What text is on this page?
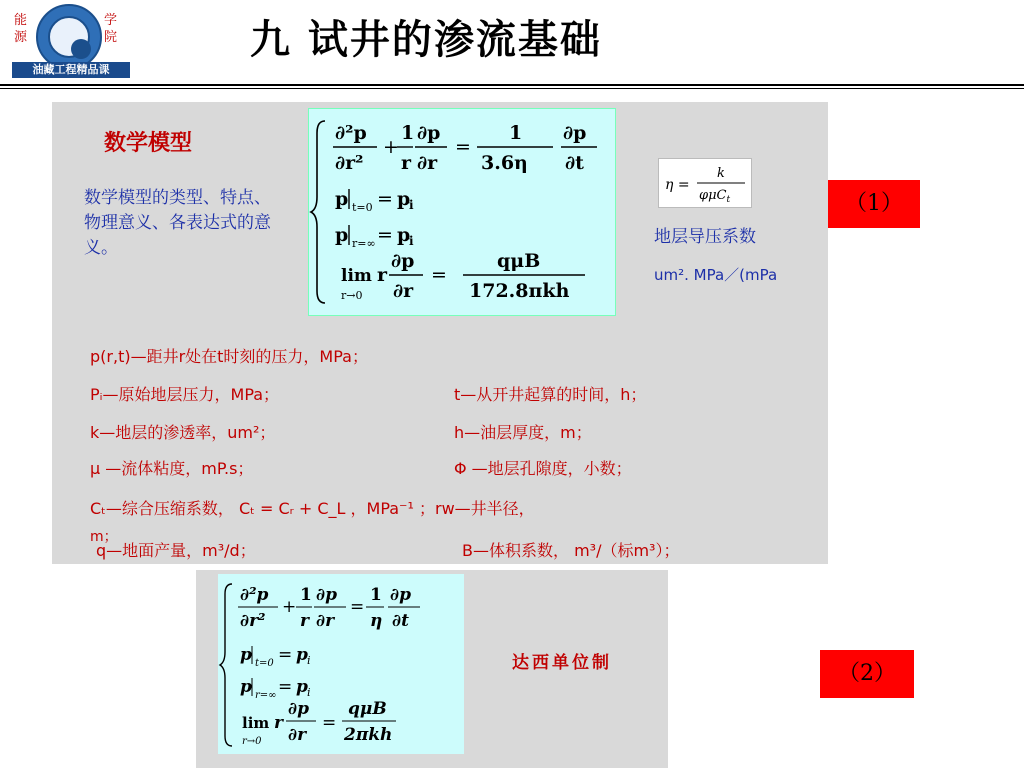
能
源
学
院
油藏工程精品课
九 试井的渗流基础
数学模型
数学模型的类型、特点、物理意义、各表达式的意义。
∂²p
∂r²
+
1
r
∂p
∂r
=
1
3.6η
∂p
∂t
p t=0 = p
i
p r=∞ = p
i
lim
r→0
r
∂p
∂r
=
qμB
172.8πkh
η =
k
φμC$_t$
地层导压系数
um². MPa／(mPa
（1）
p(r,t)—距井r处在t时刻的压力，MPa；
Pᵢ—原始地层压力，MPa；	t—从开井起算的时间，h；
k—地层的渗透率，um²；	h—油层厚度，m；
μ —流体粘度，mP.s；	Φ —地层孔隙度，小数；
Cₜ—综合压缩系数， Cₜ = Cᵣ + C_L ，MPa⁻¹ ；rw—井半径，
m；
q—地面产量，m³/d；	B—体积系数， m³/（标m³）；
∂²p
∂r²
+
1
r
∂p
∂r
=
1
η
∂p
∂t
p t=0 = p i
p r=∞ = p i
lim
r→0
r
∂p
∂r
=
qμB
2πkh
达西单位制	（2）
